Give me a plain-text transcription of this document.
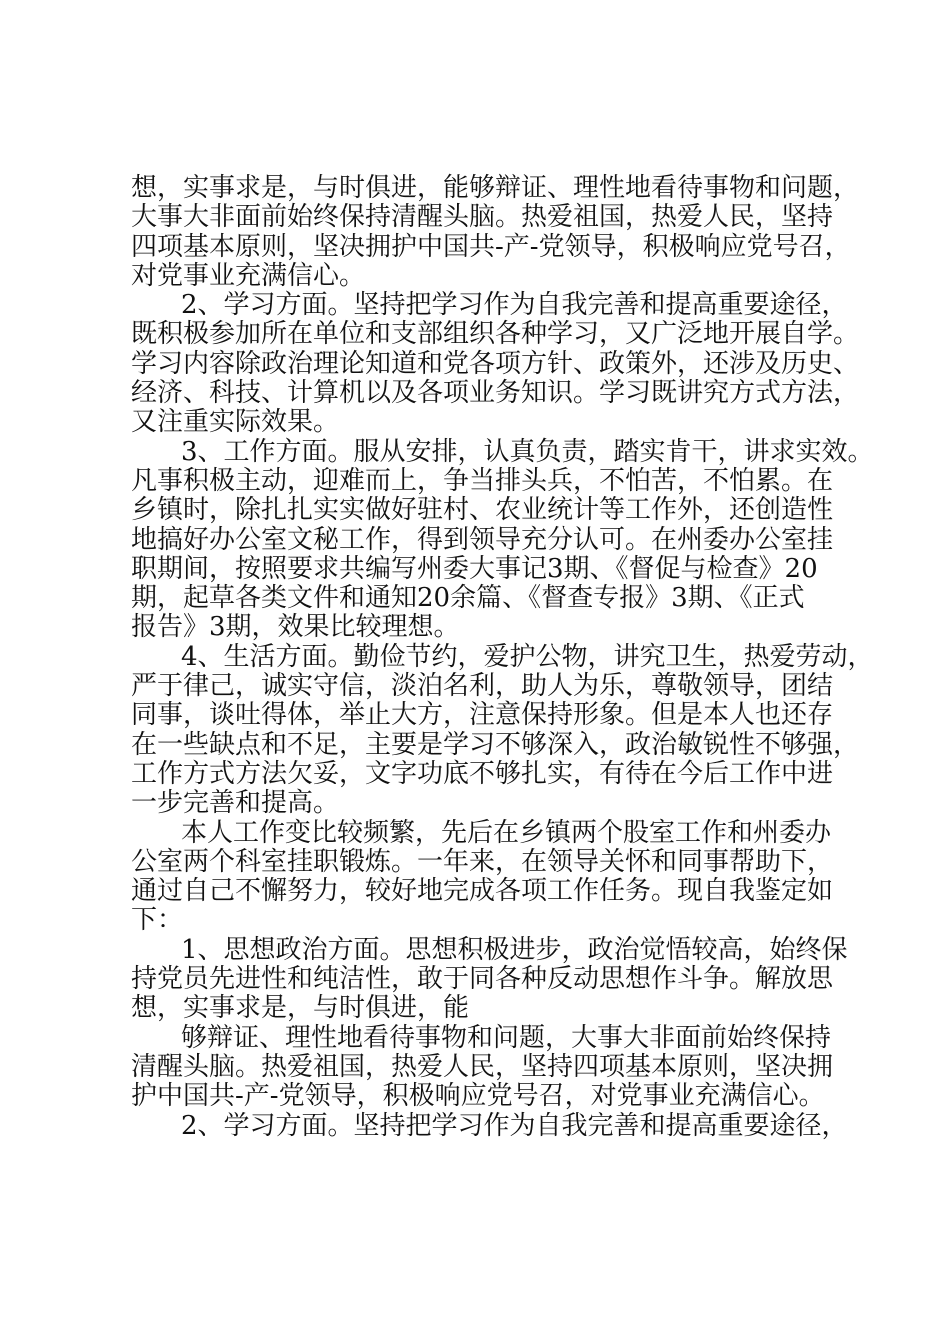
想，实事求是，与时俱进，能够辩证、理性地看待事物和问题，
大事大非面前始终保持清醒头脑。热爱祖国，热爱人民，坚持
四项基本原则，坚决拥护中国共-产-党领导，积极响应党号召，
对党事业充满信心。
2、学习方面。坚持把学习作为自我完善和提高重要途径，
既积极参加所在单位和支部组织各种学习，又广泛地开展自学。
学习内容除政治理论知道和党各项方针、政策外，还涉及历史、
经济、科技、计算机以及各项业务知识。学习既讲究方式方法，
又注重实际效果。
3、工作方面。服从安排，认真负责，踏实肯干，讲求实效。
凡事积极主动，迎难而上，争当排头兵，不怕苦，不怕累。在
乡镇时，除扎扎实实做好驻村、农业统计等工作外，还创造性
地搞好办公室文秘工作，得到领导充分认可。在州委办公室挂
职期间，按照要求共编写州委大事记3期、《督促与检查》20
期，起草各类文件和通知20余篇、《督查专报》3期、《正式
报告》3期，效果比较理想。
4、生活方面。勤俭节约，爱护公物，讲究卫生，热爱劳动，
严于律己，诚实守信，淡泊名利，助人为乐，尊敬领导，团结
同事，谈吐得体，举止大方，注意保持形象。但是本人也还存
在一些缺点和不足，主要是学习不够深入，政治敏锐性不够强，
工作方式方法欠妥，文字功底不够扎实，有待在今后工作中进
一步完善和提高。
本人工作变比较频繁，先后在乡镇两个股室工作和州委办
公室两个科室挂职锻炼。一年来，在领导关怀和同事帮助下，
通过自己不懈努力，较好地完成各项工作任务。现自我鉴定如
下：
1、思想政治方面。思想积极进步，政治觉悟较高，始终保
持党员先进性和纯洁性，敢于同各种反动思想作斗争。解放思
想，实事求是，与时俱进，能
够辩证、理性地看待事物和问题，大事大非面前始终保持
清醒头脑。热爱祖国，热爱人民，坚持四项基本原则，坚决拥
护中国共-产-党领导，积极响应党号召，对党事业充满信心。
2、学习方面。坚持把学习作为自我完善和提高重要途径，
